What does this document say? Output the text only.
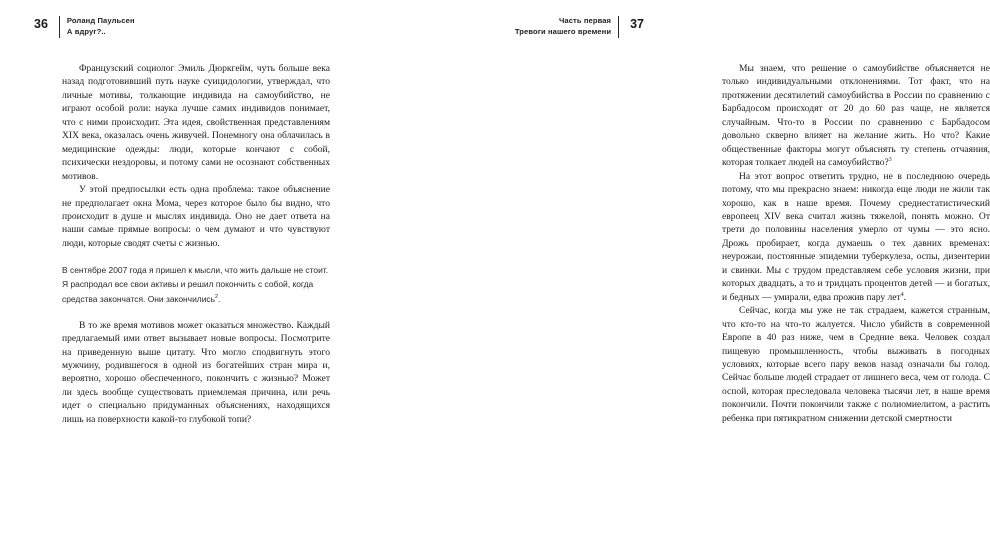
36	Роланд Паульсен
А вдруг?..

Французский социолог Эмиль Дюркгейм, чуть больше века назад подготовивший путь науке суицидологии, утверждал, что личные мотивы, толкающие индивида на самоубийство, не играют особой роли: наука лучше самих индивидов понимает, что с ними происходит. Эта идея, свойственная представлениям XIX века, оказалась очень живучей. Понемногу она облачилась в медицинские одежды: люди, которые кончают с собой, психически нездоровы, и потому сами не осознают собственных мотивов.

У этой предпосылки есть одна проблема: такое объяснение не предполагает окна Мома, через которое было бы видно, что происходит в душе и мыслях индивида. Оно не дает ответа на наши самые прямые вопросы: о чем думают и что чувствуют люди, которые сводят счеты с жизнью.

В сентябре 2007 года я пришел к мысли, что жить дальше не стоит. Я распродал все свои активы и решил покончить с собой, когда средства закончатся. Они закончились$^2$.

В то же время мотивов может оказаться множество. Каждый предлагаемый ими ответ вызывает новые вопросы. Посмотрите на приведенную выше цитату. Что могло сподвигнуть этого мужчину, родившегося в одной из богатейших стран мира и, вероятно, хорошо обеспеченного, покончить с жизнью? Может ли здесь вообще существовать приемлемая причина, или речь идет о специально придуманных объяснениях, находящихся лишь на поверхности какой-то глубокой топи?

Часть первая
Тревоги нашего времени 37

Мы знаем, что решение о самоубийстве объясняется не только индивидуальными отклонениями. Тот факт, что на протяжении десятилетий самоубийства в России по сравнению с Барбадосом происходят от 20 до 60 раз чаще, не является случайным. Что-то в России по сравнению с Барбадосом довольно скверно влияет на желание жить. Но что? Какие общественные факторы могут объяснять ту степень отчаяния, которая толкает людей на самоубийство?$^3$

На этот вопрос ответить трудно, не в последнюю очередь потому, что мы прекрасно знаем: никогда еще люди не жили так хорошо, как в наше время. Почему среднестатистический европеец XIV века считал жизнь тяжелой, понять можно. От трети до половины населения умерло от чумы — это ясно. Дрожь пробирает, когда думаешь о тех давних временах: неурожаи, постоянные эпидемии туберкулеза, оспы, дизентерии и свинки. Мы с трудом представляем себе условия жизни, при которых двадцать, а то и тридцать процентов детей — и богатых, и бедных — умирали, едва прожив пару лет$^4$.

Сейчас, когда мы уже не так страдаем, кажется странным, что кто-то на что-то жалуется. Число убийств в современной Европе в 40 раз ниже, чем в Средние века. Человек создал пищевую промышленность, чтобы выживать в погодных условиях, которые всего пару веков назад означали бы голод. Сейчас больше людей страдает от лишнего веса, чем от голода. С оспой, которая преследовала человека тысячи лет, в наше время покончили. Почти покончили также с полиомиелитом, а растить ребенка при пятикратном снижении детской смертности
